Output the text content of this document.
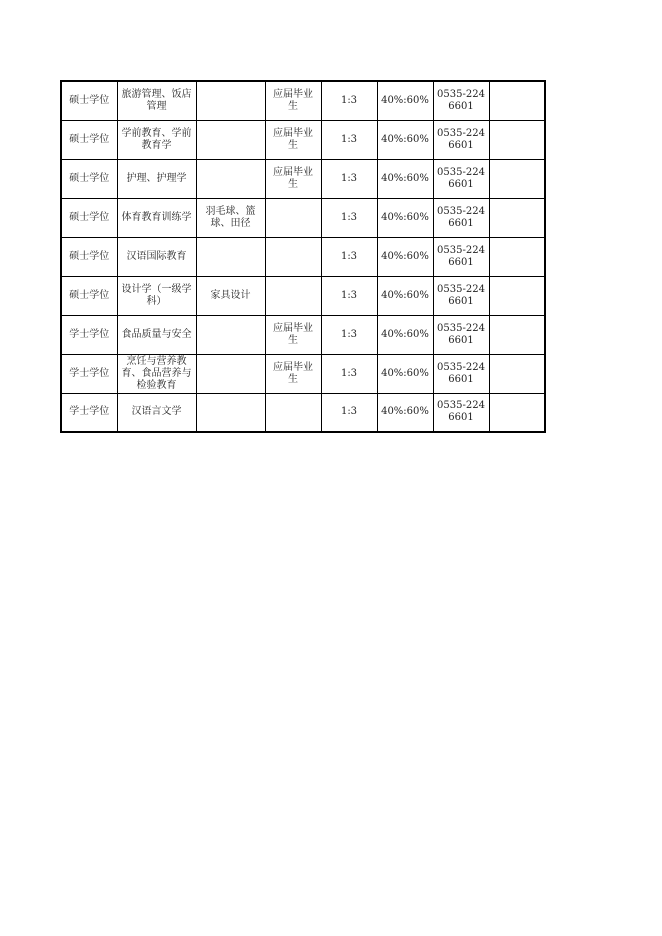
硕士学位	旅游管理、饭店管理		应届毕业生	1:3	40%:60%	0535-2246601	
硕士学位	学前教育、学前教育学		应届毕业生	1:3	40%:60%	0535-2246601	
硕士学位	护理、护理学		应届毕业生	1:3	40%:60%	0535-2246601	
硕士学位	体育教育训练学	羽毛球、篮球、田径		1:3	40%:60%	0535-2246601	
硕士学位	汉语国际教育			1:3	40%:60%	0535-2246601	
硕士学位	设计学（一级学科）	家具设计		1:3	40%:60%	0535-2246601	
学士学位	食品质量与安全		应届毕业生	1:3	40%:60%	0535-2246601	
学士学位	烹饪与营养教育、食品营养与检验教育		应届毕业生	1:3	40%:60%	0535-2246601	
学士学位	汉语言文学			1:3	40%:60%	0535-2246601	
